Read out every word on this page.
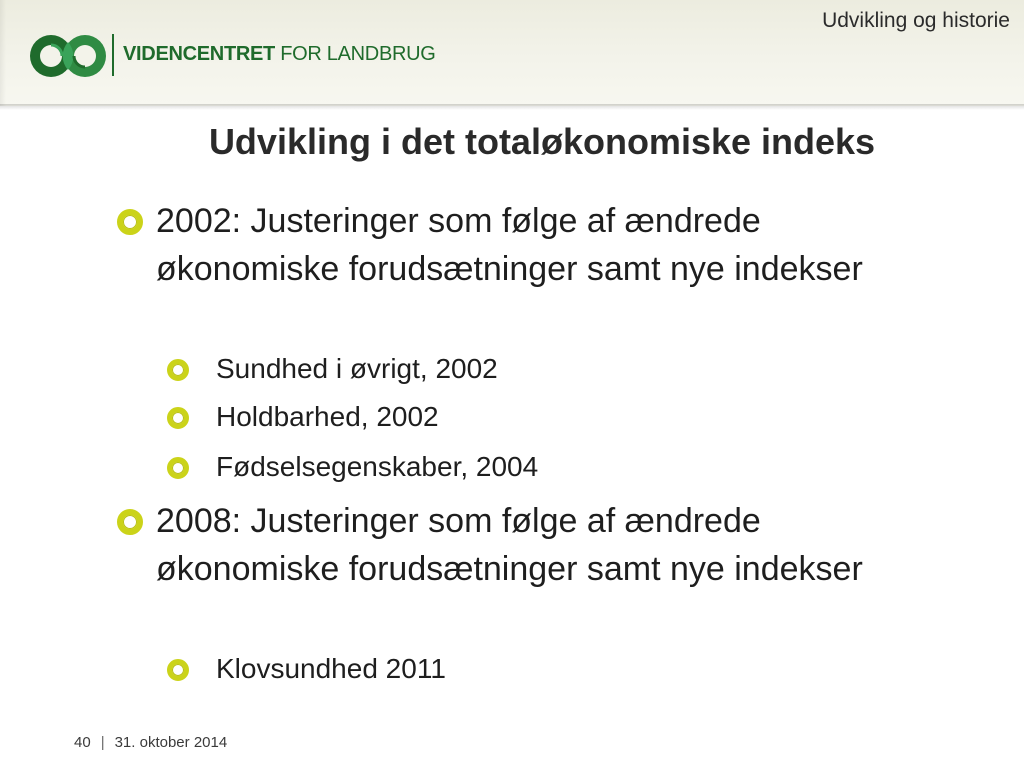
Udvikling og historie
VIDENCENTRET FOR LANDBRUG
Udvikling i det totaløkonomiske indeks
2002: Justeringer som følge af ændrede økonomiske forudsætninger samt nye indekser
Sundhed i øvrigt, 2002
Holdbarhed, 2002
Fødselsegenskaber, 2004
2008: Justeringer som følge af ændrede økonomiske forudsætninger samt nye indekser
Klovsundhed 2011
40 | 31. oktober 2014
